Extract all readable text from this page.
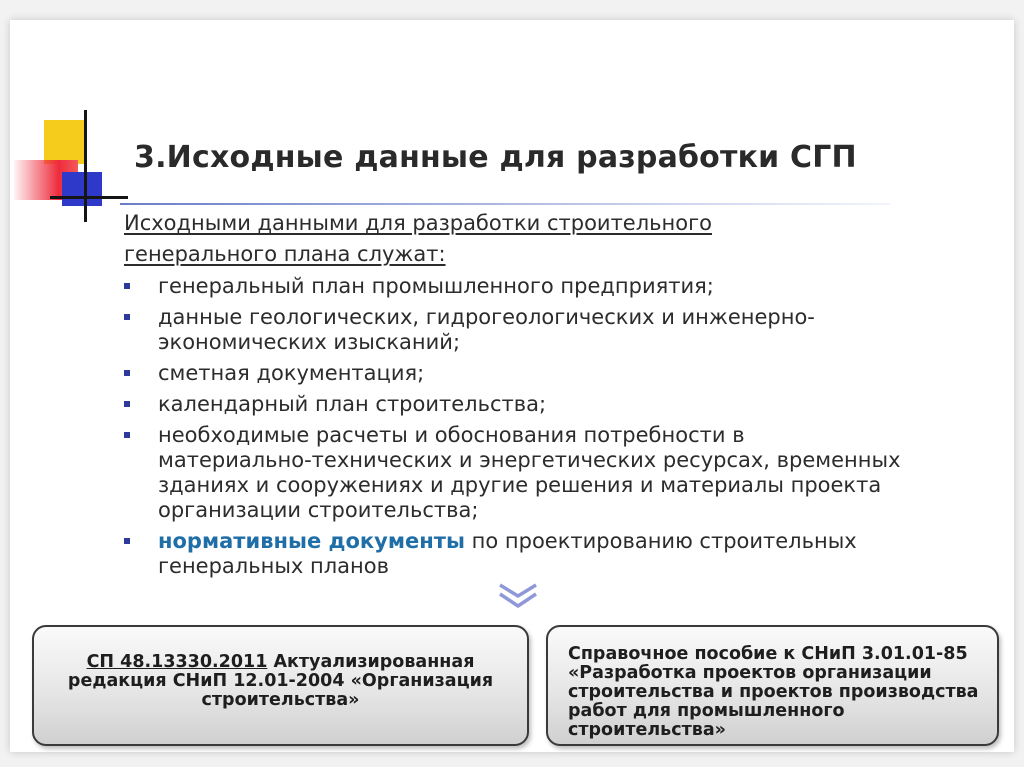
3.Исходные данные для разработки СГП
Исходными данными для разработки строительного
генерального плана служат:
генеральный план промышленного предприятия;
данные геологических, гидрогеологических и инженерно-
экономических изысканий;
сметная документация;
календарный план строительства;
необходимые расчеты и обоснования потребности в
материально-технических и энергетических ресурсах, временных
зданиях и сооружениях и другие решения и материалы проекта
организации строительства;
нормативные документы по проектированию строительных
генеральных планов
СП 48.13330.2011 Актуализированная
редакция СНиП 12.01-2004 «Организация
строительства»
Справочное пособие к СНиП 3.01.01-85
«Разработка проектов организации
строительства и проектов производства
работ для промышленного
строительства»
